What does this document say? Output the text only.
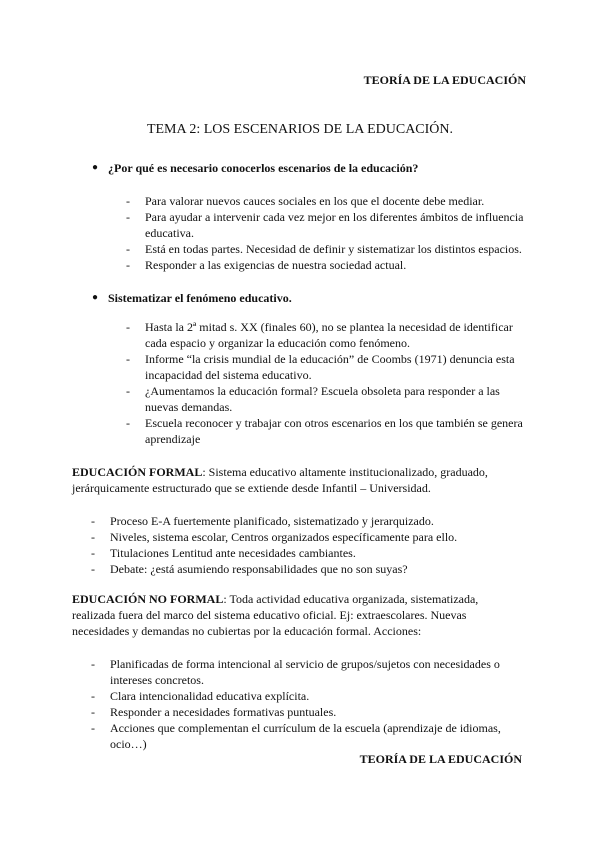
TEORÍA DE LA EDUCACIÓN
TEMA 2: LOS ESCENARIOS DE LA EDUCACIÓN.
● ¿Por qué es necesario conocerlos escenarios de la educación?
- Para valorar nuevos cauces sociales en los que el docente debe mediar.
- Para ayudar a intervenir cada vez mejor en los diferentes ámbitos de influencia educativa.
- Está en todas partes. Necesidad de definir y sistematizar los distintos espacios.
- Responder a las exigencias de nuestra sociedad actual.
● Sistematizar el fenómeno educativo.
- Hasta la 2ª mitad s. XX (finales 60), no se plantea la necesidad de identificar cada espacio y organizar la educación como fenómeno.
- Informe “la crisis mundial de la educación” de Coombs (1971) denuncia esta incapacidad del sistema educativo.
- ¿Aumentamos la educación formal? Escuela obsoleta para responder a las nuevas demandas.
- Escuela reconocer y trabajar con otros escenarios en los que también se genera aprendizaje
EDUCACIÓN FORMAL: Sistema educativo altamente institucionalizado, graduado, jerárquicamente estructurado que se extiende desde Infantil – Universidad.
- Proceso E-A fuertemente planificado, sistematizado y jerarquizado.
- Niveles, sistema escolar, Centros organizados específicamente para ello.
- Titulaciones Lentitud ante necesidades cambiantes.
- Debate: ¿está asumiendo responsabilidades que no son suyas?
EDUCACIÓN NO FORMAL: Toda actividad educativa organizada, sistematizada, realizada fuera del marco del sistema educativo oficial. Ej: extraescolares. Nuevas necesidades y demandas no cubiertas por la educación formal. Acciones:
- Planificadas de forma intencional al servicio de grupos/sujetos con necesidades o intereses concretos.
- Clara intencionalidad educativa explícita.
- Responder a necesidades formativas puntuales.
- Acciones que complementan el currículum de la escuela (aprendizaje de idiomas, ocio…)
TEORÍA DE LA EDUCACIÓN
